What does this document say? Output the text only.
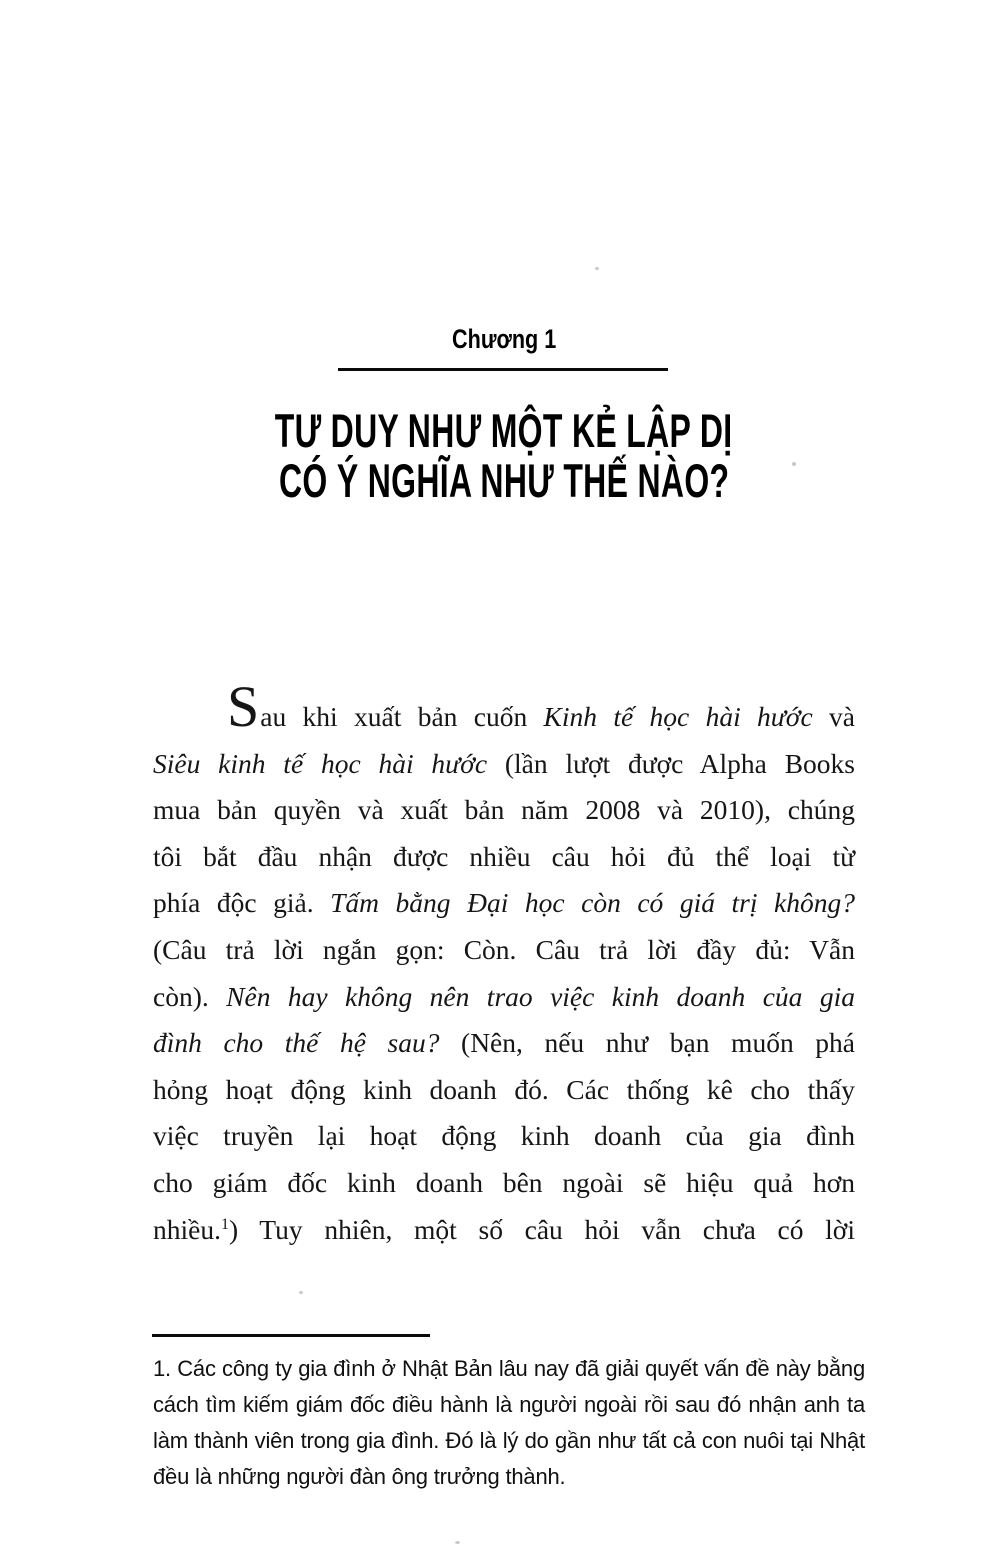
Chương 1
TƯ DUY NHƯ MỘT KẺ LẬP DỊ
CÓ Ý NGHĨA NHƯ THẾ NÀO?
Sau khi xuất bản cuốn Kinh tế học hài hước và
Siêu kinh tế học hài hước (lần lượt được Alpha Books
mua bản quyền và xuất bản năm 2008 và 2010), chúng
tôi bắt đầu nhận được nhiều câu hỏi đủ thể loại từ
phía độc giả. Tấm bằng Đại học còn có giá trị không?
(Câu trả lời ngắn gọn: Còn. Câu trả lời đầy đủ: Vẫn
còn). Nên hay không nên trao việc kinh doanh của gia
đình cho thế hệ sau? (Nên, nếu như bạn muốn phá
hỏng hoạt động kinh doanh đó. Các thống kê cho thấy
việc truyền lại hoạt động kinh doanh của gia đình
cho giám đốc kinh doanh bên ngoài sẽ hiệu quả hơn
nhiều.$^1$) Tuy nhiên, một số câu hỏi vẫn chưa có lời
1. Các công ty gia đình ở Nhật Bản lâu nay đã giải quyết vấn đề này bằng cách tìm kiếm giám đốc điều hành là người ngoài rồi sau đó nhận anh ta làm thành viên trong gia đình. Đó là lý do gần như tất cả con nuôi tại Nhật đều là những người đàn ông trưởng thành.
